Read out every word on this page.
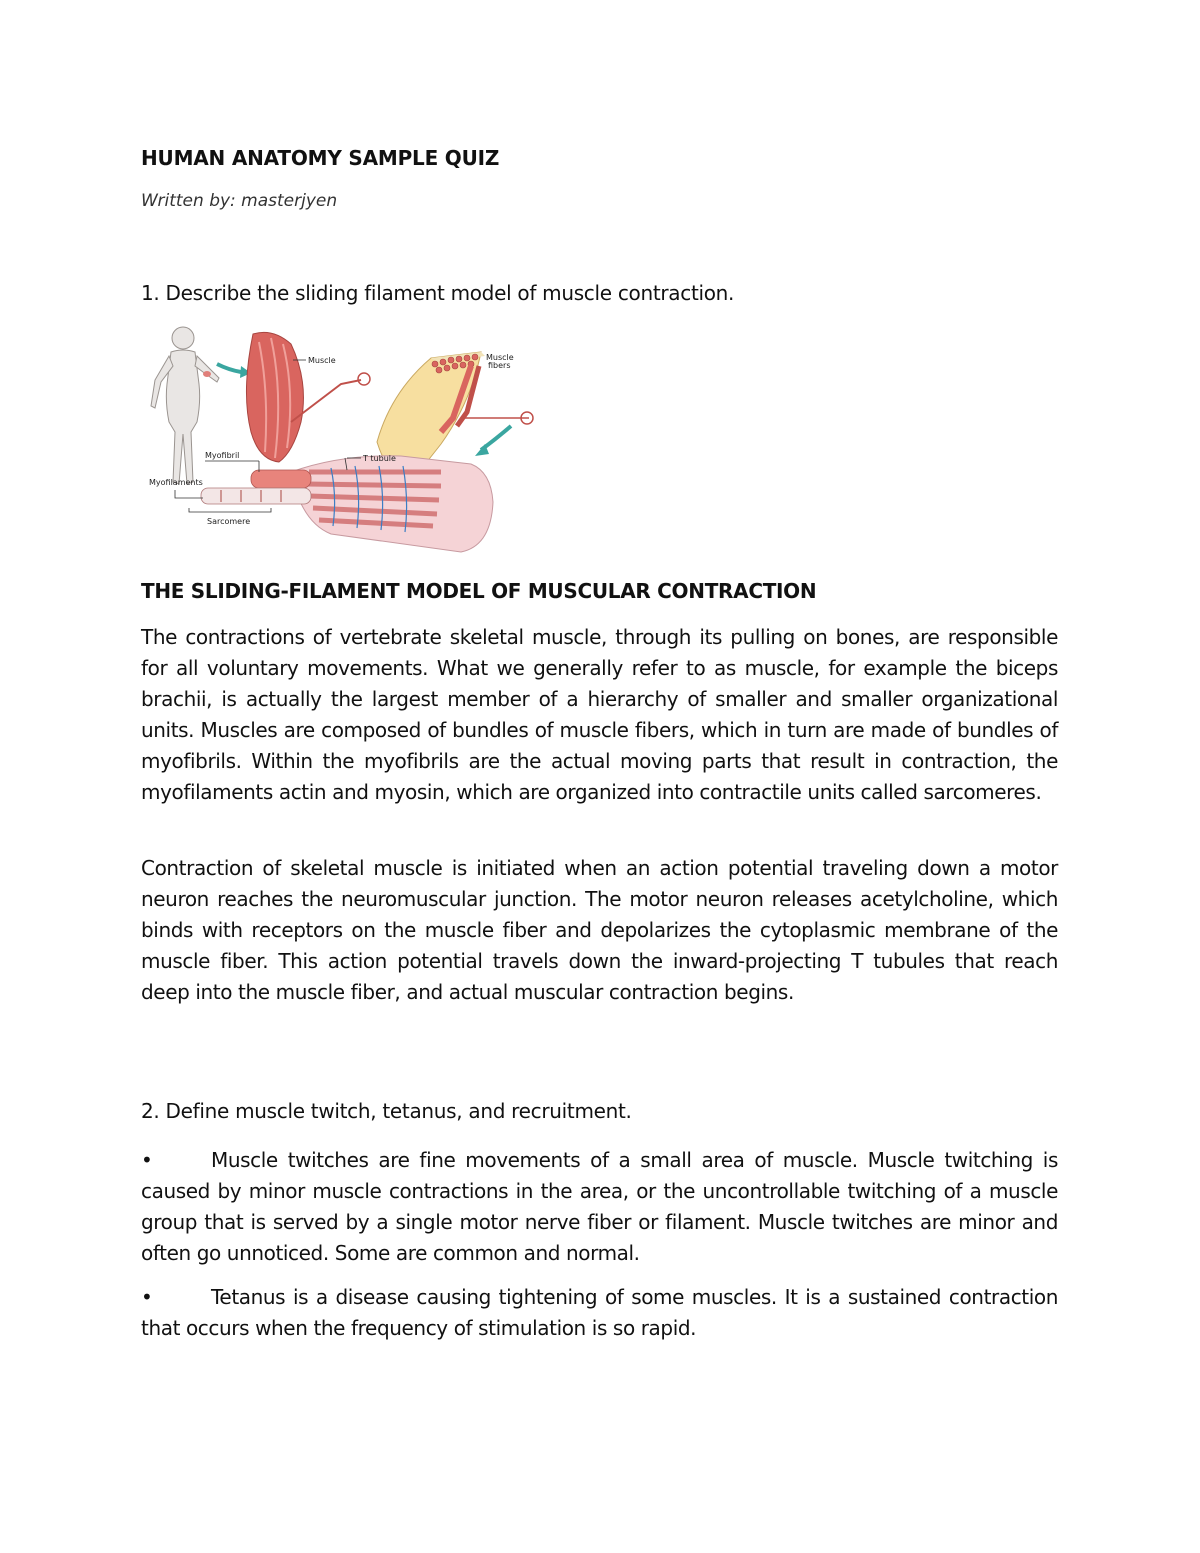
HUMAN ANATOMY SAMPLE QUIZ

Written by: masterjyen

1. Describe the sliding filament model of muscle contraction.

Muscle	Muscle
fibers
Myofibril	T tubule
Myofilaments
Sarcomere

THE SLIDING-FILAMENT MODEL OF MUSCULAR CONTRACTION

The contractions of vertebrate skeletal muscle, through its pulling on bones, are responsible for all voluntary movements. What we generally refer to as muscle, for example the biceps brachii, is actually the largest member of a hierarchy of smaller and smaller organizational units. Muscles are composed of bundles of muscle fibers, which in turn are made of bundles of myofibrils. Within the myofibrils are the actual moving parts that result in contraction, the myofilaments actin and myosin, which are organized into contractile units called sarcomeres.

Contraction of skeletal muscle is initiated when an action potential traveling down a motor neuron reaches the neuromuscular junction. The motor neuron releases acetylcholine, which binds with receptors on the muscle fiber and depolarizes the cytoplasmic membrane of the muscle fiber. This action potential travels down the inward-projecting T tubules that reach deep into the muscle fiber, and actual muscular contraction begins.

2. Define muscle twitch, tetanus, and recruitment.

•	Muscle twitches are fine movements of a small area of muscle. Muscle twitching is caused by minor muscle contractions in the area, or the uncontrollable twitching of a muscle group that is served by a single motor nerve fiber or filament. Muscle twitches are minor and often go unnoticed. Some are common and normal.

•	Tetanus is a disease causing tightening of some muscles. It is a sustained contraction that occurs when the frequency of stimulation is so rapid.
